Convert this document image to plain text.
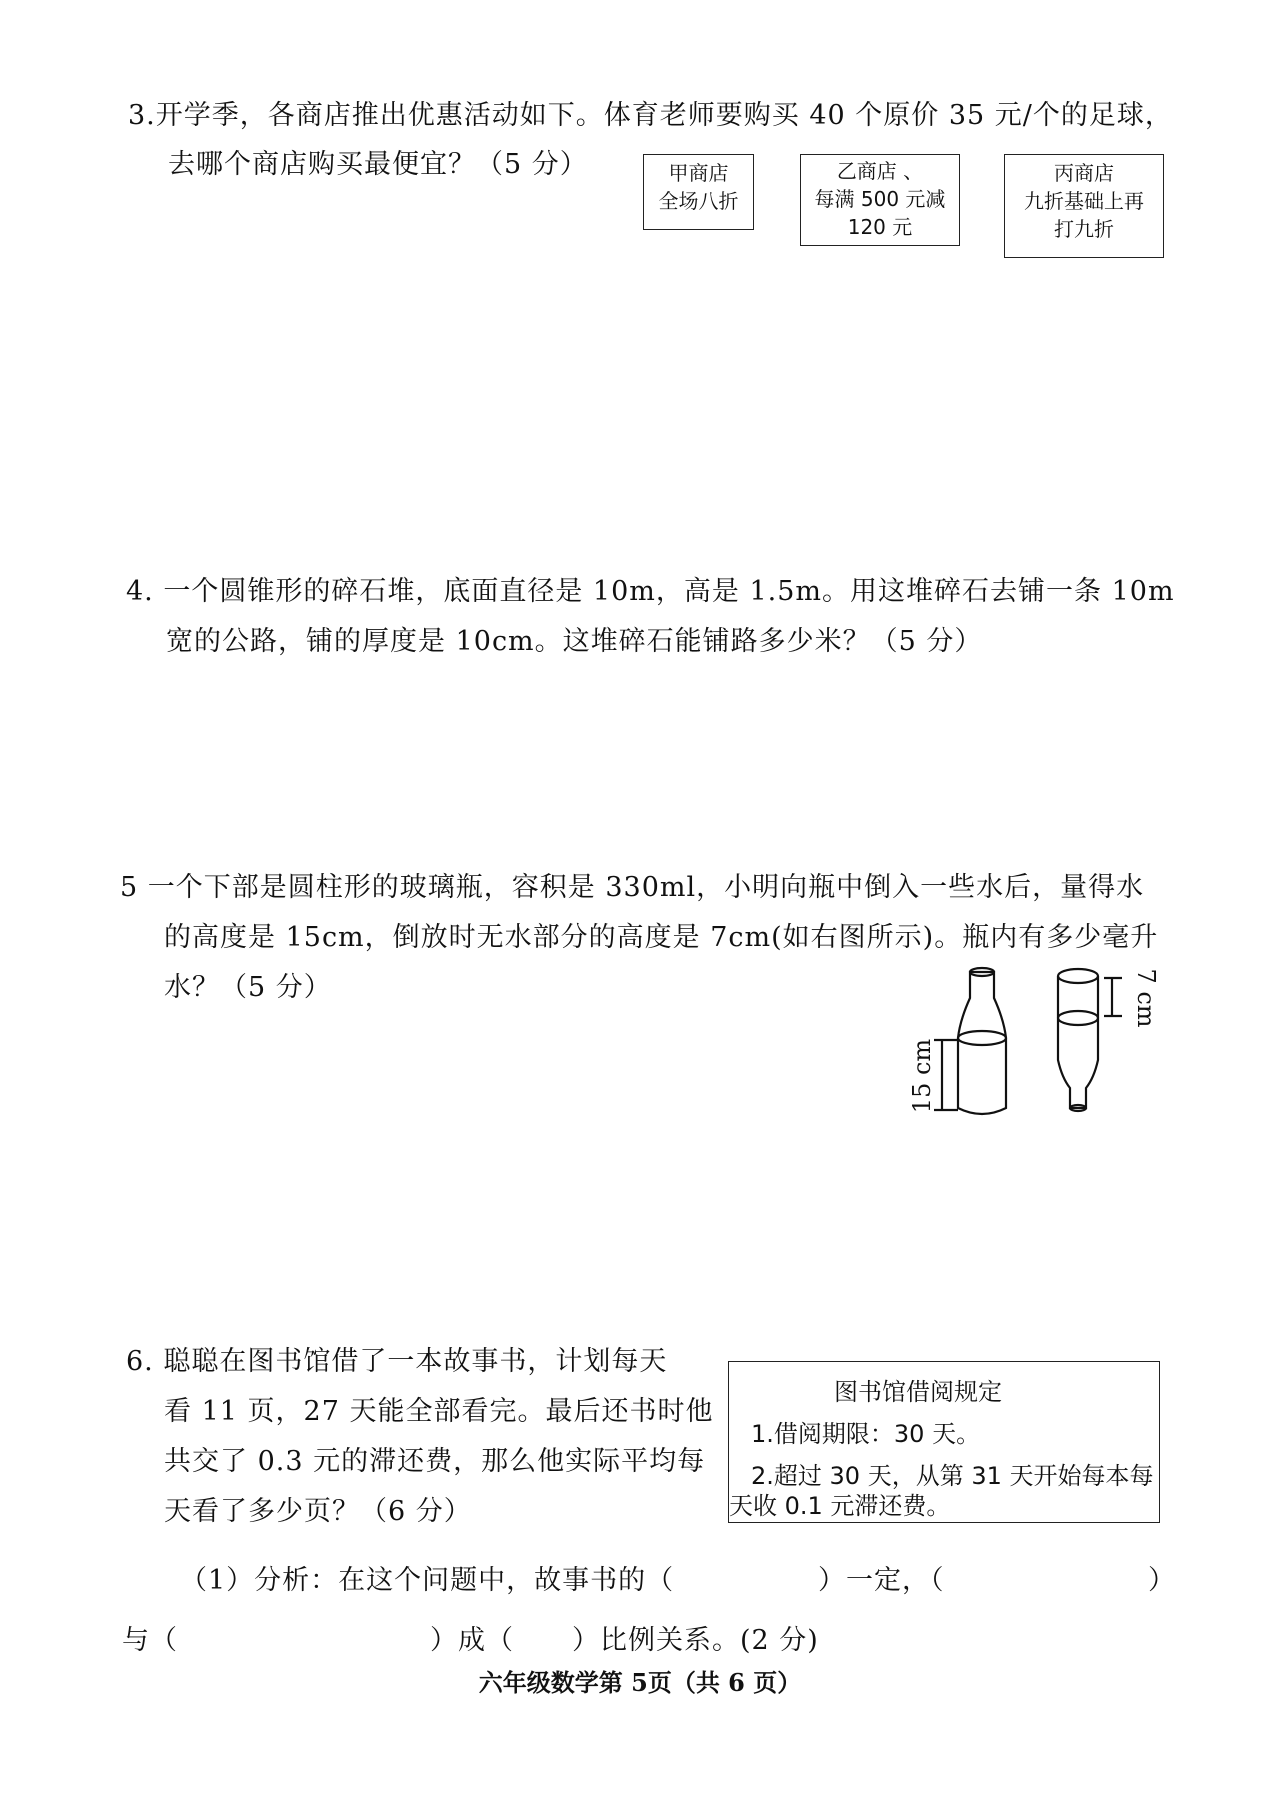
3.开学季，各商店推出优惠活动如下。体育老师要购买 40 个原价 35 元/个的足球，
去哪个商店购买最便宜？（5 分）	甲商店
全场八折
乙商店 、
每满 500 元减
120 元
丙商店
九折基础上再
打九折
4. 一个圆锥形的碎石堆，底面直径是 10m，高是 1.5m。用这堆碎石去铺一条 10m
宽的公路，铺的厚度是 10cm。这堆碎石能铺路多少米？（5 分）
5 一个下部是圆柱形的玻璃瓶，容积是 330ml，小明向瓶中倒入一些水后，量得水
的高度是 15cm，倒放时无水部分的高度是 7cm(如右图所示)。瓶内有多少毫升
水？（5 分）
15 cm
7 cm
6. 聪聪在图书馆借了一本故事书，计划每天
看 11 页，27 天能全部看完。最后还书时他
共交了 0.3 元的滞还费，那么他实际平均每
天看了多少页？（6 分）
图书馆借阅规定
1.借阅期限：30 天。
2.超过 30 天，从第 31 天开始每本每
天收 0.1 元滞还费。
（1）分析：在这个问题中，故事书的（	）一定，（	）
与（	）成（ ）比例关系。(2 分)
六年级数学第 5页（共 6 页）
